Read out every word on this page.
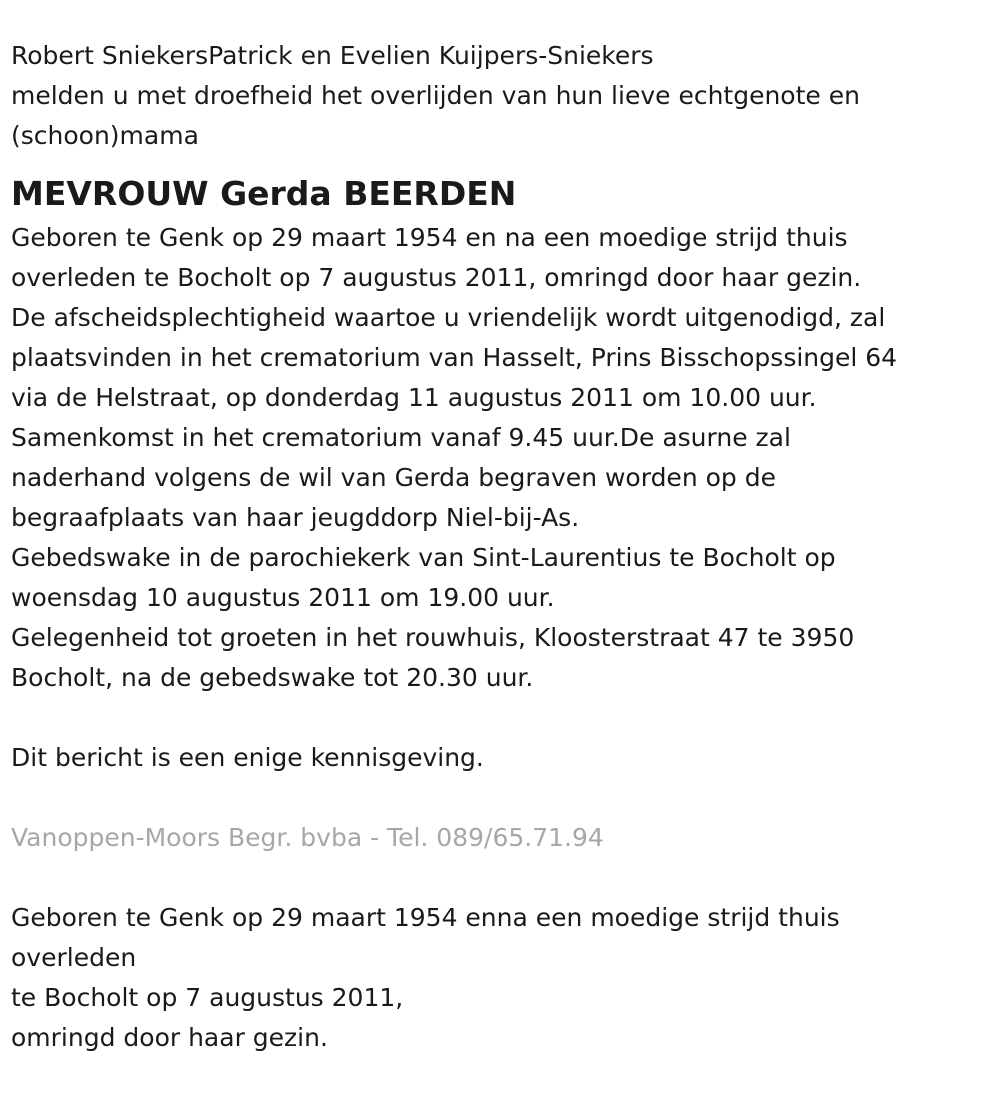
Robert SniekersPatrick en Evelien Kuijpers-Sniekers
melden u met droefheid het overlijden van hun lieve echtgenote en
(schoon)mama
MEVROUW Gerda BEERDEN
Geboren te Genk op 29 maart 1954 en na een moedige strijd thuis
overleden te Bocholt op 7 augustus 2011, omringd door haar gezin.
De afscheidsplechtigheid waartoe u vriendelijk wordt uitgenodigd, zal
plaatsvinden in het crematorium van Hasselt, Prins Bisschopssingel 64
via de Helstraat, op donderdag 11 augustus 2011 om 10.00 uur.
Samenkomst in het crematorium vanaf 9.45 uur.De asurne zal
naderhand volgens de wil van Gerda begraven worden op de
begraafplaats van haar jeugddorp Niel-bij-As.
Gebedswake in de parochiekerk van Sint-Laurentius te Bocholt op
woensdag 10 augustus 2011 om 19.00 uur.
Gelegenheid tot groeten in het rouwhuis, Kloosterstraat 47 te 3950
Bocholt, na de gebedswake tot 20.30 uur.
Dit bericht is een enige kennisgeving.
Vanoppen-Moors Begr. bvba - Tel. 089/65.71.94
Geboren te Genk op 29 maart 1954 enna een moedige strijd thuis
overleden
te Bocholt op 7 augustus 2011,
omringd door haar gezin.
